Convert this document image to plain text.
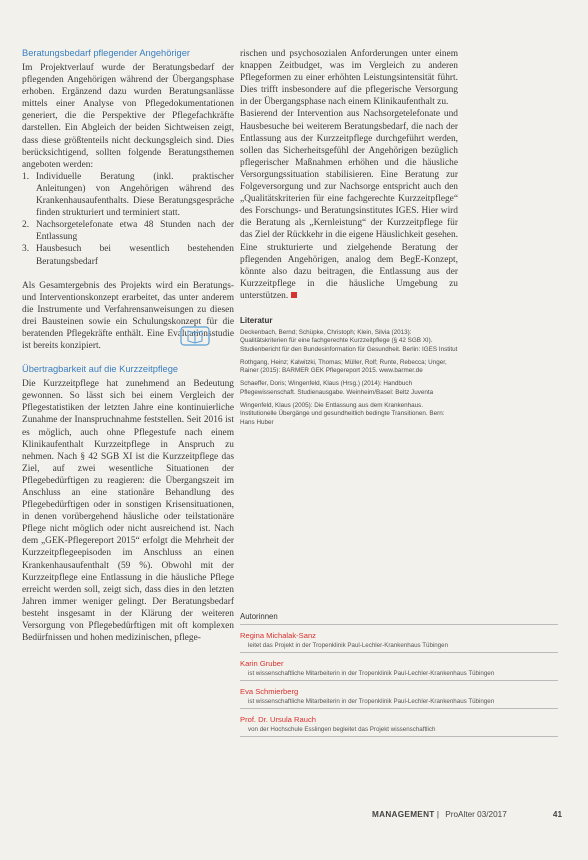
Beratungsbedarf pflegender Angehöriger

Im Projektverlauf wurde der Beratungsbedarf der pflegenden Angehörigen während der Übergangsphase erhoben. Ergänzend dazu wurden Beratungsanlässe mittels einer Analyse von Pflegedokumentationen generiert, die die Perspektive der Pflegefachkräfte darstellen. Ein Abgleich der beiden Sichtweisen zeigt, dass diese größtenteils nicht deckungsgleich sind. Dies berücksichtigend, sollten folgende Beratungsthemen angeboten werden:

1. Individuelle Beratung (inkl. praktischer Anleitungen) von Angehörigen während des Krankenhausaufenthalts. Diese Beratungsgespräche finden strukturiert und terminiert statt.
2. Nachsorgetelefonate etwa 48 Stunden nach der Entlassung
3. Hausbesuch bei wesentlich bestehenden Beratungsbedarf

Als Gesamtergebnis des Projekts wird ein Beratungs- und Interventionskonzept erarbeitet, das unter anderem die Instrumente und Verfahrensanweisungen zu diesen drei Bausteinen sowie ein Schulungskonzept für die beratenden Pflegekräfte enthält. Eine Evaluationsstudie ist bereits konzipiert.

Übertragbarkeit auf die Kurzzeitpflege

Die Kurzzeitpflege hat zunehmend an Bedeutung gewonnen. So lässt sich bei einem Vergleich der Pflegestatistiken der letzten Jahre eine kontinuierliche Zunahme der Inanspruchnahme feststellen. Seit 2016 ist es möglich, auch ohne Pflegestufe nach einem Klinikaufenthalt Kurzzeitpflege in Anspruch zu nehmen. Nach § 42 SGB XI ist die Kurzzeitpflege das Ziel, auf zwei wesentliche Situationen der Pflegebedürftigen zu reagieren: die Übergangszeit im Anschluss an eine stationäre Behandlung des Pflegebedürftigen oder in sonstigen Krisensituationen, in denen vorübergehend häusliche oder teilstationäre Pflege nicht möglich oder nicht ausreichend ist. Nach dem „GEK-Pflegereport 2015“ erfolgt die Mehrheit der Kurzzeitpflegeepisoden im Anschluss an einen Krankenhausaufenthalt (59 %). Obwohl mit der Kurzzeitpflege eine Entlassung in die häusliche Pflege erreicht werden soll, zeigt sich, dass dies in den letzten Jahren immer weniger gelingt. Der Beratungsbedarf besteht insgesamt in der Klärung der weiteren Versorgung von Pflegebedürftigen mit oft komplexen Bedürfnissen und hohen medizinischen, pflege-

rischen und psychosozialen Anforderungen unter einem knappen Zeitbudget, was im Vergleich zu anderen Pflegeformen zu einer erhöhten Leistungsintensität führt. Dies trifft insbesondere auf die pflegerische Versorgung in der Übergangsphase nach einem Klinikaufenthalt zu.

Basierend der Intervention aus Nachsorgetelefonate und Hausbesuche bei weiterem Beratungsbedarf, die nach der Entlassung aus der Kurzzeitpflege durchgeführt werden, sollen das Sicherheitsgefühl der Angehörigen bezüglich pflegerischer Maßnahmen erhöhen und die häusliche Versorgungssituation stabilisieren. Eine Beratung zur Folgeversorgung und zur Nachsorge entspricht auch den „Qualitätskriterien für eine fachgerechte Kurzzeitpflege“ des Forschungs- und Beratungsinstitutes IGES. Hier wird die Beratung als „Kernleistung“ der Kurzzeitpflege für das Ziel der Rückkehr in die eigene Häuslichkeit gesehen. Eine strukturierte und zielgehende Beratung der pflegenden Angehörigen, analog dem BegE-Konzept, könnte also dazu beitragen, die Entlassung aus der Kurzzeitpflege in die häusliche Umgebung zu unterstützen.

Literatur
Deckenbach, Bernd; Schüpke, Christoph; Klein, Silvia (2013): Qualitätskriterien für eine fachgerechte Kurzzeitpflege (§ 42 SGB XI). Studienbericht für den Bundesinformation für Gesundheit. Berlin: IGES Institut
Rothgang, Heinz; Kalwitzki, Thomas; Müller, Rolf; Runte, Rebecca; Unger, Rainer (2015): BARMER GEK Pflegereport 2015. www.barmer.de
Schaeffer, Doris; Wingenfeld, Klaus (Hrsg.) (2014): Handbuch Pflegewissenschaft. Studienausgabe. Weinheim/Basel: Beltz Juventa
Wingenfeld, Klaus (2005): Die Entlassung aus dem Krankenhaus. Institutionelle Übergänge und gesundheitlich bedingte Transitionen. Bern: Hans Huber
Autorinnen
Regina Michalak-Sanz
leitet das Projekt in der Tropenklinik Paul-Lechler-Krankenhaus Tübingen
Karin Gruber
ist wissenschaftliche Mitarbeiterin in der Tropenklinik Paul-Lechler-Krankenhaus Tübingen
Eva Schmierberg
ist wissenschaftliche Mitarbeiterin in der Tropenklinik Paul-Lechler-Krankenhaus Tübingen
Prof. Dr. Ursula Rauch
von der Hochschule Esslingen begleitet das Projekt wissenschaftlich
MANAGEMENT | ProAlter 03/2017	41
